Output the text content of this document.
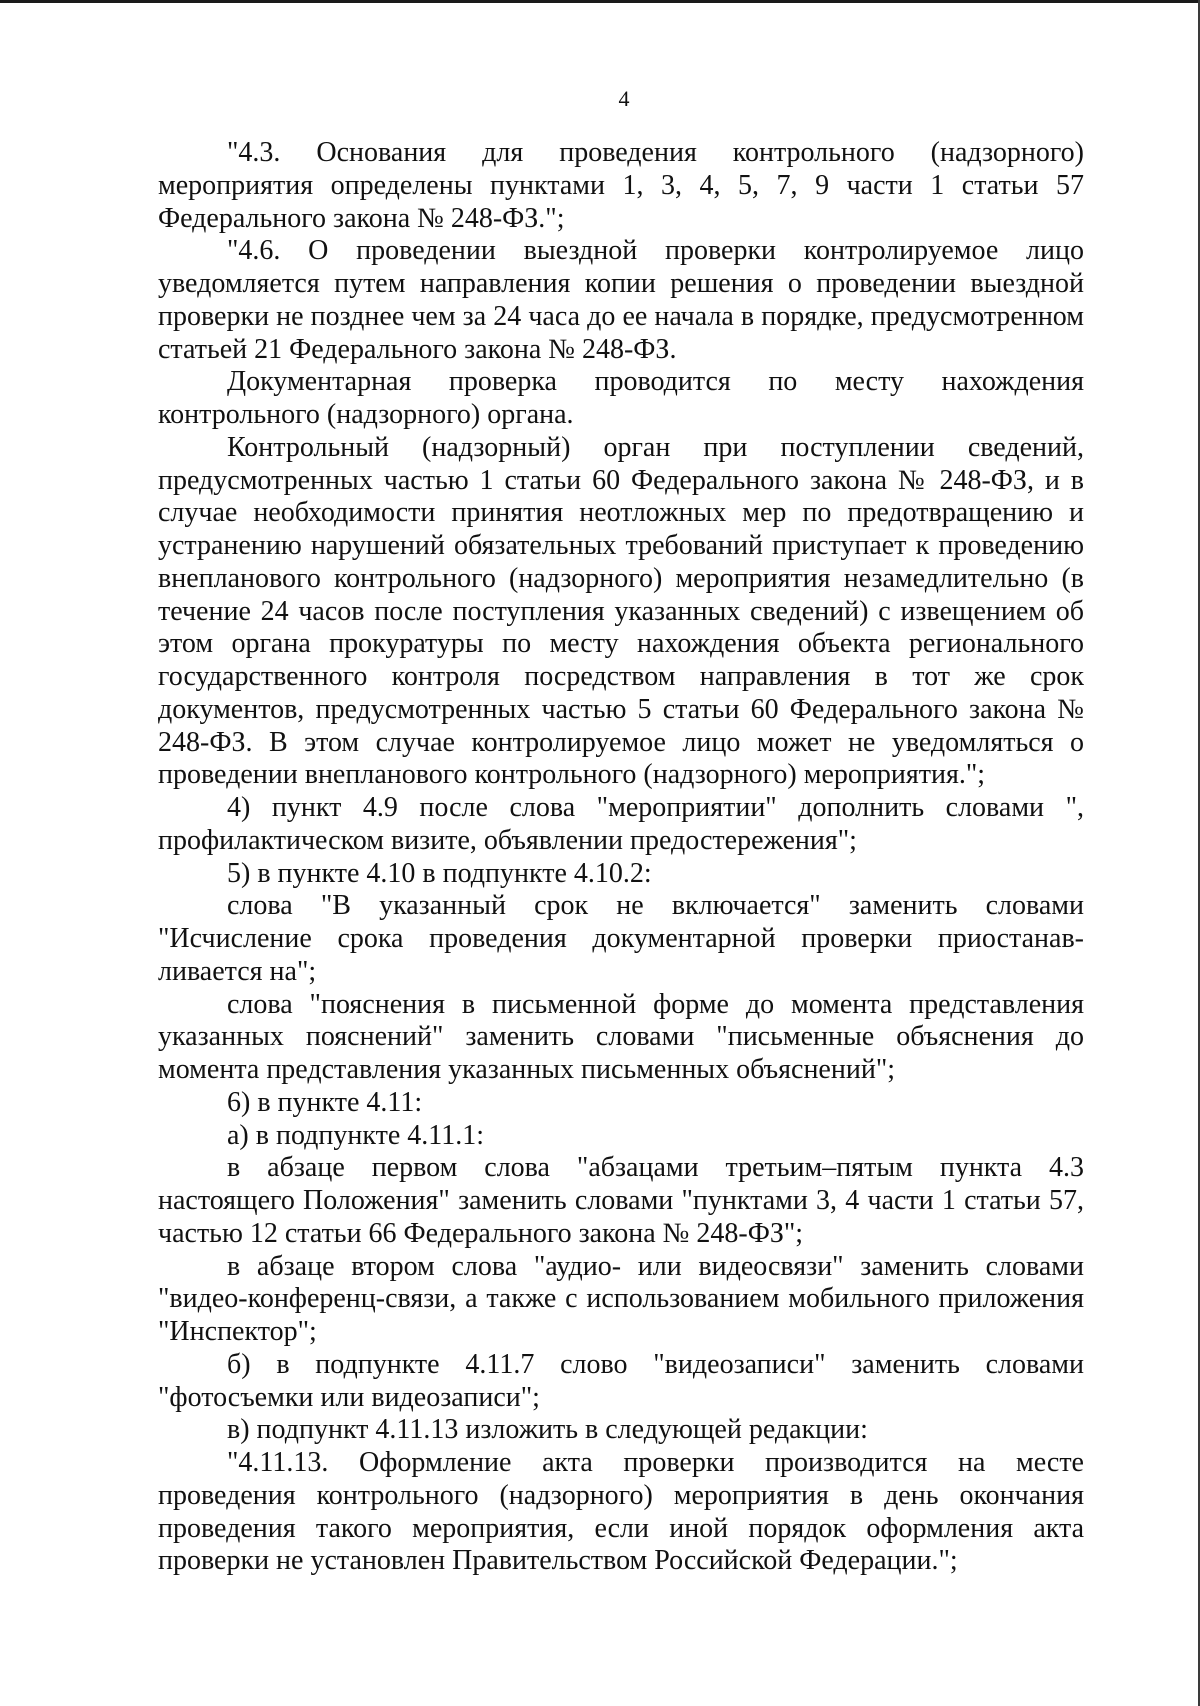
4

"4.3. Основания для проведения контрольного (надзорного) мероприятия определены пунктами 1, 3, 4, 5, 7, 9 части 1 статьи 57 Федерального закона № 248-ФЗ.";

"4.6. О проведении выездной проверки контролируемое лицо уведомляется путем направления копии решения о проведении выездной проверки не позднее чем за 24 часа до ее начала в порядке, предусмотренном статьей 21 Федерального закона № 248-ФЗ.

Документарная проверка проводится по месту нахождения контрольного (надзорного) органа.

Контрольный (надзорный) орган при поступлении сведений, предусмотренных частью 1 статьи 60 Федерального закона № 248-ФЗ, и в случае необходимости принятия неотложных мер по предотвращению и устранению нарушений обязательных требований приступает к проведению внепланового контрольного (надзорного) мероприятия незамедлительно (в течение 24 часов после поступления указанных сведений) с извещением об этом органа прокуратуры по месту нахождения объекта регионального государственного контроля посредством направления в тот же срок документов, предусмотренных частью 5 статьи 60 Федерального закона № 248-ФЗ. В этом случае контролируемое лицо может не уведомляться о проведении внепланового контрольного (надзорного) мероприятия.";

4) пункт 4.9 после слова "мероприятии" дополнить словами ", профилактическом визите, объявлении предостережения";

5) в пункте 4.10 в подпункте 4.10.2:

слова "В указанный срок не включается" заменить словами "Исчисление срока проведения документарной проверки приостанавливается на";

слова "пояснения в письменной форме до момента представления указанных пояснений" заменить словами "письменные объяснения до момента представления указанных письменных объяснений";

6) в пункте 4.11:

а) в подпункте 4.11.1:

в абзаце первом слова "абзацами третьим–пятым пункта 4.3 настоящего Положения" заменить словами "пунктами 3, 4 части 1 статьи 57, частью 12 статьи 66 Федерального закона № 248-ФЗ";

в абзаце втором слова "аудио- или видеосвязи" заменить словами "видео-конференц-связи, а также с использованием мобильного приложения "Инспектор";

б) в подпункте 4.11.7 слово "видеозаписи" заменить словами "фотосъемки или видеозаписи";

в) подпункт 4.11.13 изложить в следующей редакции:

"4.11.13. Оформление акта проверки производится на месте проведения контрольного (надзорного) мероприятия в день окончания проведения такого мероприятия, если иной порядок оформления акта проверки не установлен Правительством Российской Федерации.";
